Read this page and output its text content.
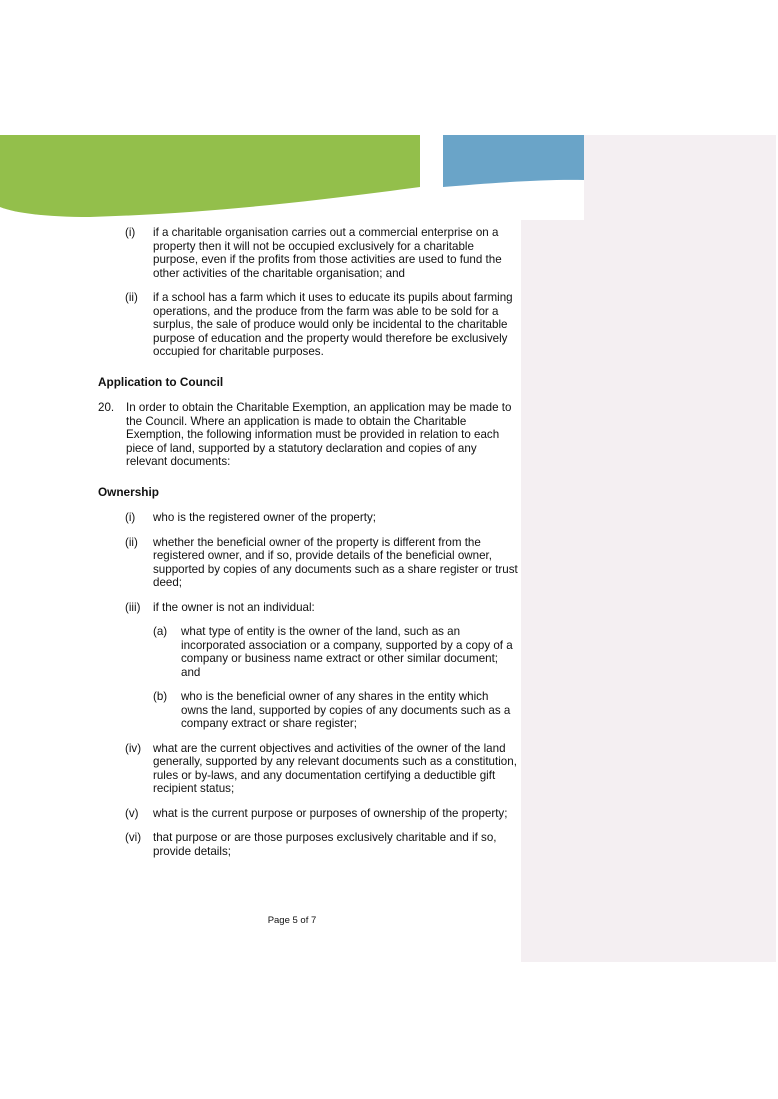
(i) if a charitable organisation carries out a commercial enterprise on a property then it will not be occupied exclusively for a charitable purpose, even if the profits from those activities are used to fund the other activities of the charitable organisation; and
(ii) if a school has a farm which it uses to educate its pupils about farming operations, and the produce from the farm was able to be sold for a surplus, the sale of produce would only be incidental to the charitable purpose of education and the property would therefore be exclusively occupied for charitable purposes.
Application to Council
20. In order to obtain the Charitable Exemption, an application may be made to the Council. Where an application is made to obtain the Charitable Exemption, the following information must be provided in relation to each piece of land, supported by a statutory declaration and copies of any relevant documents:
Ownership
(i) who is the registered owner of the property;
(ii) whether the beneficial owner of the property is different from the registered owner, and if so, provide details of the beneficial owner, supported by copies of any documents such as a share register or trust deed;
(iii) if the owner is not an individual:
(a) what type of entity is the owner of the land, such as an incorporated association or a company, supported by a copy of a company or business name extract or other similar document; and
(b) who is the beneficial owner of any shares in the entity which owns the land, supported by copies of any documents such as a company extract or share register;
(iv) what are the current objectives and activities of the owner of the land generally, supported by any relevant documents such as a constitution, rules or by-laws, and any documentation certifying a deductible gift recipient status;
(v) what is the current purpose or purposes of ownership of the property;
(vi) that purpose or are those purposes exclusively charitable and if so, provide details;
Page 5 of 7
